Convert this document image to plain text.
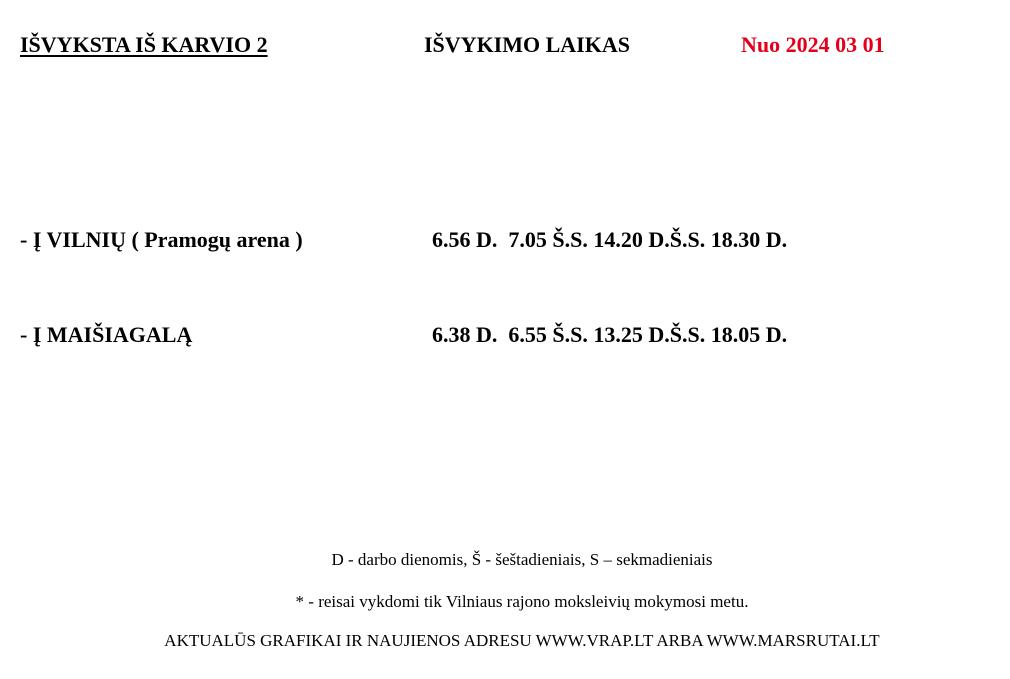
IŠVYKSTA IŠ KARVIO 2	IŠVYKIMO LAIKAS	Nuo 2024 03 01
- Į VILNIŲ ( Pramogų arena )	6.56 D.  7.05 Š.S. 14.20 D.Š.S. 18.30 D.
- Į MAIŠIAGALĄ	6.38 D.  6.55 Š.S. 13.25 D.Š.S. 18.05 D.
D - darbo dienomis, Š - šeštadieniais, S – sekmadieniais
* - reisai vykdomi tik Vilniaus rajono moksleivių mokymosi metu.
AKTUALŪS GRAFIKAI IR NAUJIENOS ADRESU WWW.VRAP.LT ARBA WWW.MARSRUTAI.LT
